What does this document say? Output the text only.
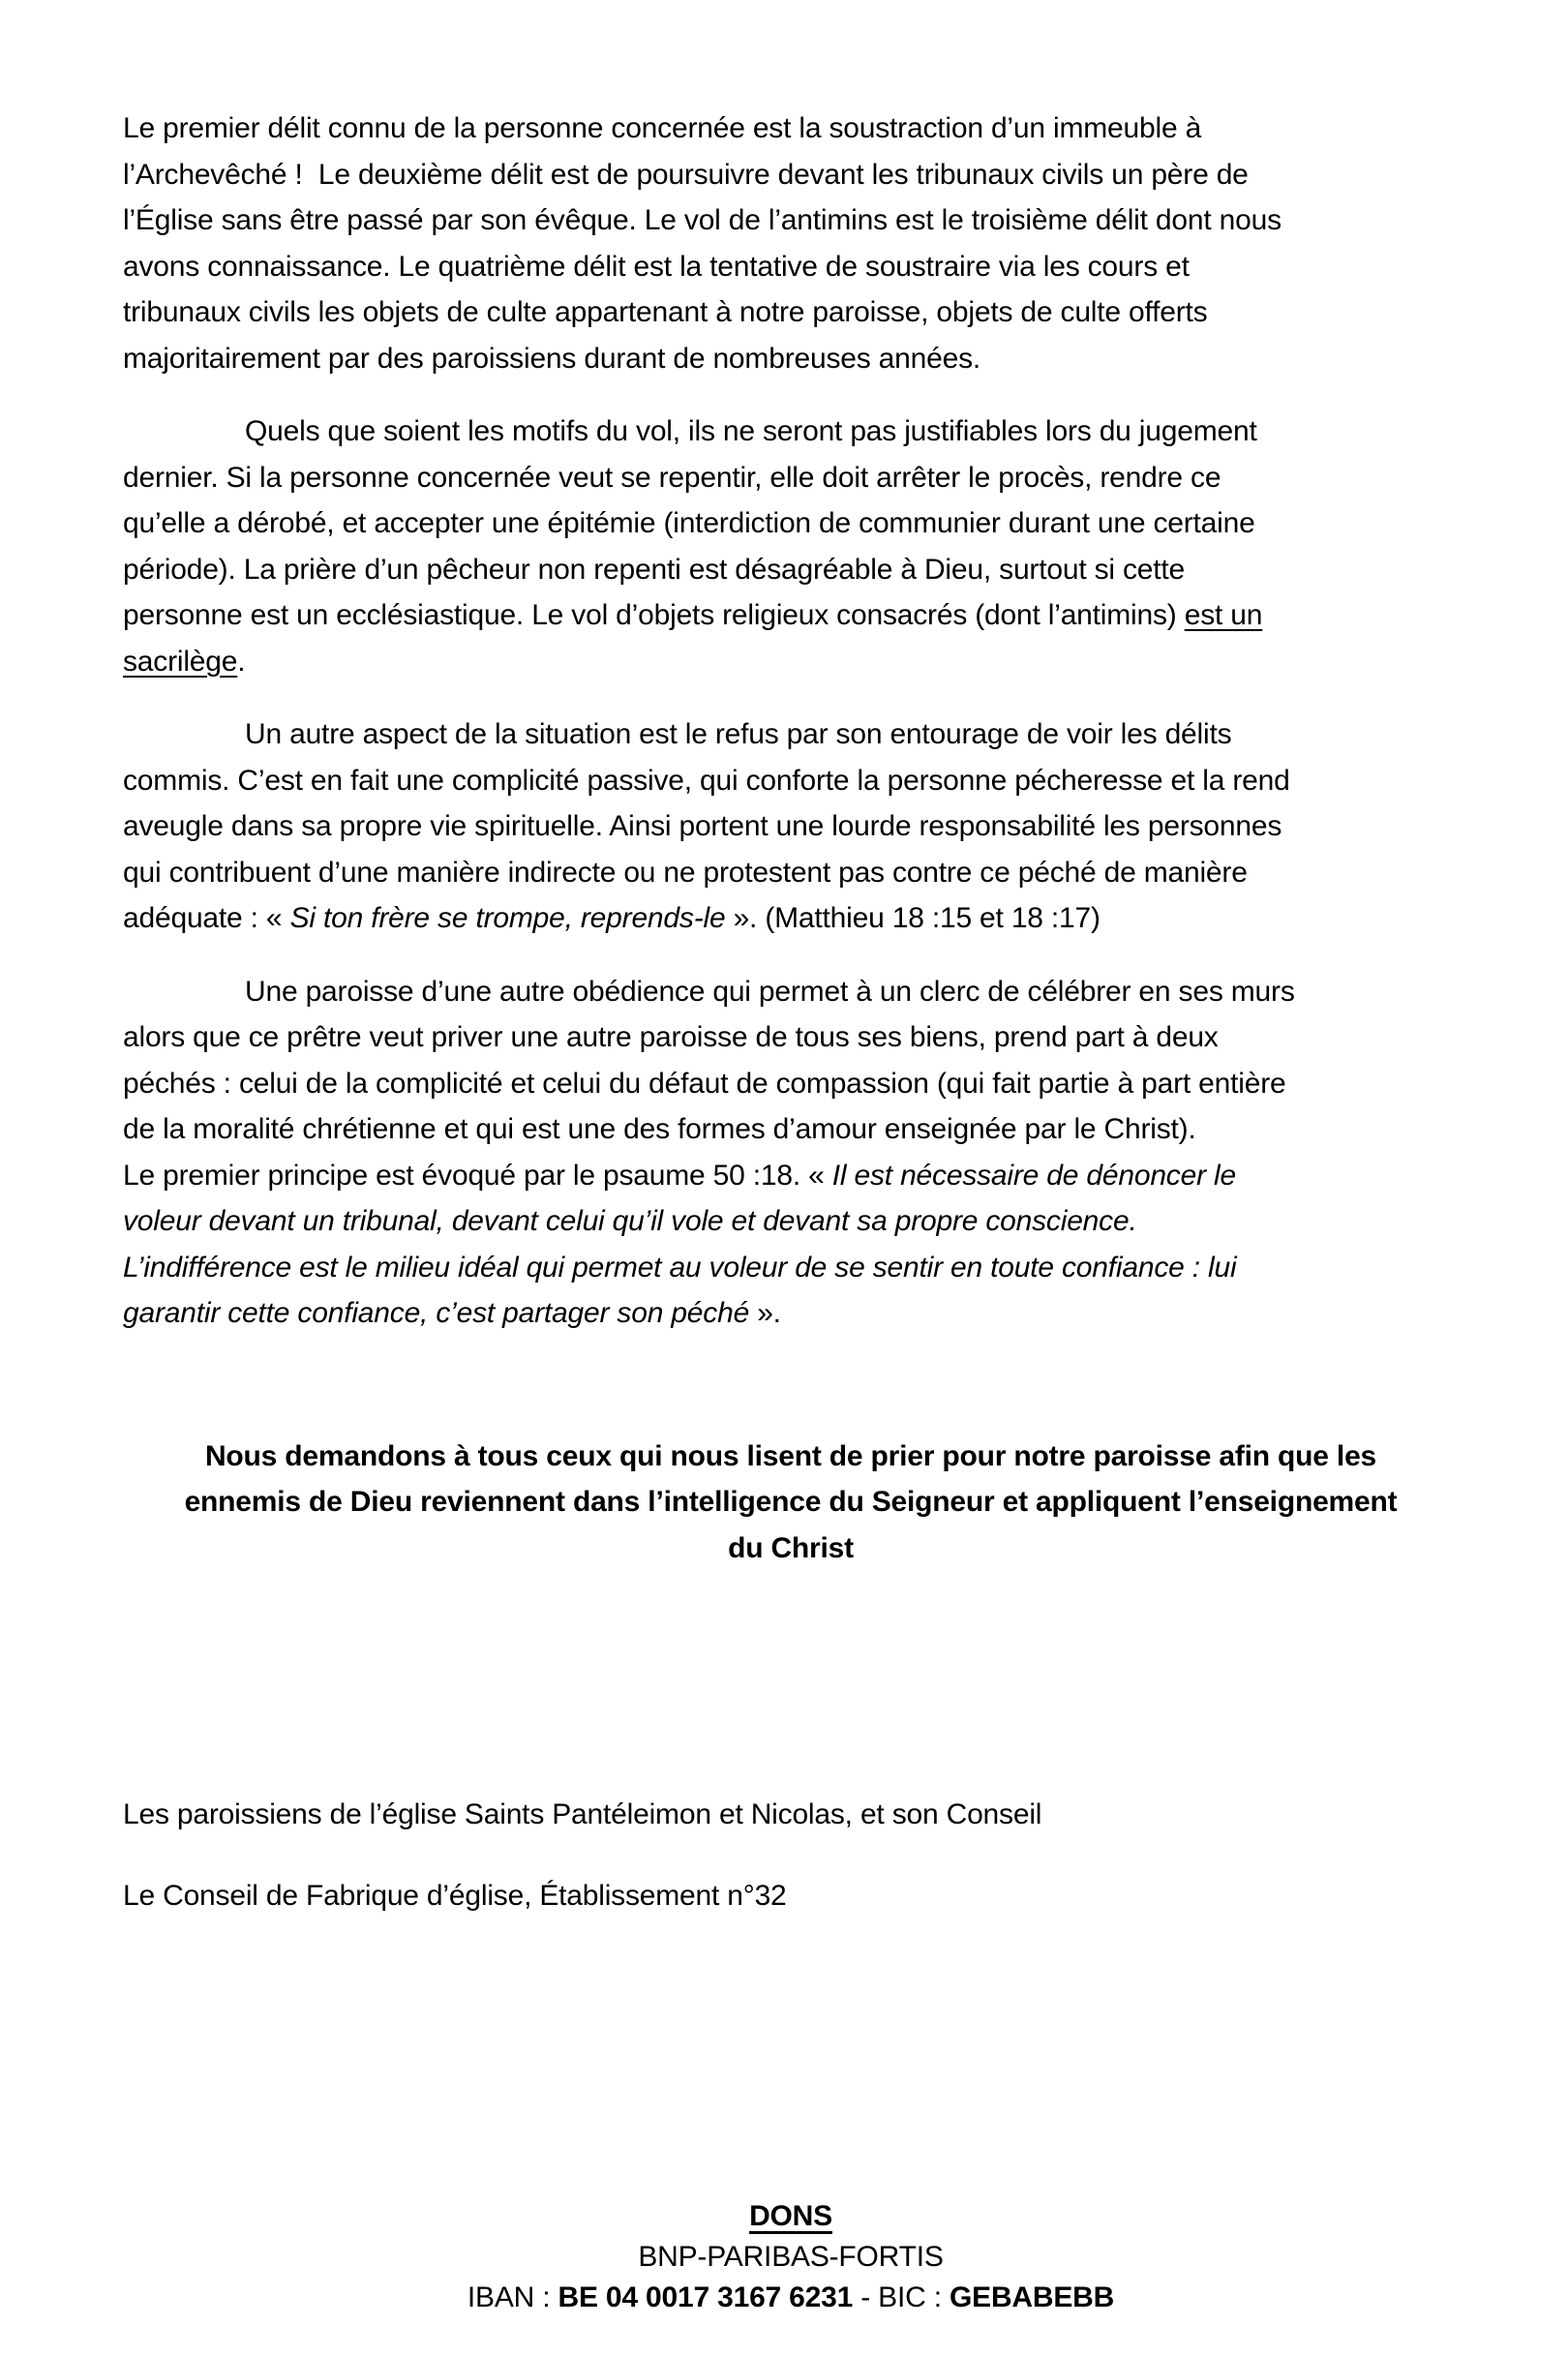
Le premier délit connu de la personne concernée est la soustraction d’un immeuble à
l’Archevêché !  Le deuxième délit est de poursuivre devant les tribunaux civils un père de
l’Église sans être passé par son évêque. Le vol de l’antimins est le troisième délit dont nous
avons connaissance. Le quatrième délit est la tentative de soustraire via les cours et
tribunaux civils les objets de culte appartenant à notre paroisse, objets de culte offerts
majoritairement par des paroissiens durant de nombreuses années.
Quels que soient les motifs du vol, ils ne seront pas justifiables lors du jugement
dernier. Si la personne concernée veut se repentir, elle doit arrêter le procès, rendre ce
qu’elle a dérobé, et accepter une épitémie (interdiction de communier durant une certaine
période). La prière d’un pêcheur non repenti est désagréable à Dieu, surtout si cette
personne est un ecclésiastique. Le vol d’objets religieux consacrés (dont l’antimins) est un
sacrilège.
Un autre aspect de la situation est le refus par son entourage de voir les délits
commis. C’est en fait une complicité passive, qui conforte la personne pécheresse et la rend
aveugle dans sa propre vie spirituelle. Ainsi portent une lourde responsabilité les personnes
qui contribuent d’une manière indirecte ou ne protestent pas contre ce péché de manière
adéquate : « Si ton frère se trompe, reprends-le ». (Matthieu 18 :15 et 18 :17)
Une paroisse d’une autre obédience qui permet à un clerc de célébrer en ses murs
alors que ce prêtre veut priver une autre paroisse de tous ses biens, prend part à deux
péchés : celui de la complicité et celui du défaut de compassion (qui fait partie à part entière
de la moralité chrétienne et qui est une des formes d’amour enseignée par le Christ).
Le premier principe est évoqué par le psaume 50 :18. « Il est nécessaire de dénoncer le
voleur devant un tribunal, devant celui qu’il vole et devant sa propre conscience.
L’indifférence est le milieu idéal qui permet au voleur de se sentir en toute confiance : lui
garantir cette confiance, c’est partager son péché ».
Nous demandons à tous ceux qui nous lisent de prier pour notre paroisse afin que les
ennemis de Dieu reviennent dans l’intelligence du Seigneur et appliquent l’enseignement
du Christ
Les paroissiens de l’église Saints Pantéleimon et Nicolas, et son Conseil
Le Conseil de Fabrique d’église, Établissement n°32
DONS
BNP-PARIBAS-FORTIS
IBAN : BE 04 0017 3167 6231 - BIC : GEBABEBB
